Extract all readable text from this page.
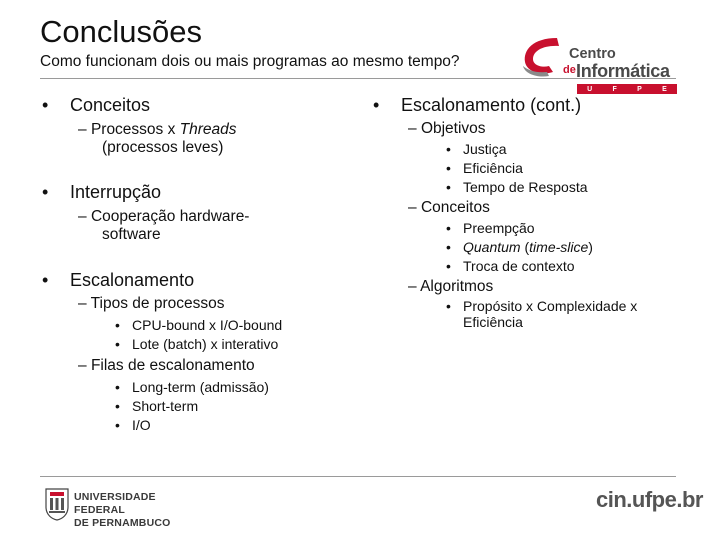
Conclusões
Como funcionam dois ou mais programas ao mesmo tempo?	Centro
de Informática
U	F	P	E
• Conceitos
– Processos x Threads
(processos leves)
• Interrupção
– Cooperação hardware-
software
• Escalonamento
– Tipos de processos
• CPU-bound x I/O-bound
• Lote (batch) x interativo
– Filas de escalonamento
• Long-term (admissão)
• Short-term
• I/O
• Escalonamento (cont.)
– Objetivos
• Justiça
• Eficiência
• Tempo de Resposta
– Conceitos
• Preempção
• Quantum (time-slice)
• Troca de contexto
– Algoritmos
• Propósito x Complexidade x
Eficiência
UNIVERSIDADE FEDERAL
DE PERNAMBUCO
cin.ufpe.br
